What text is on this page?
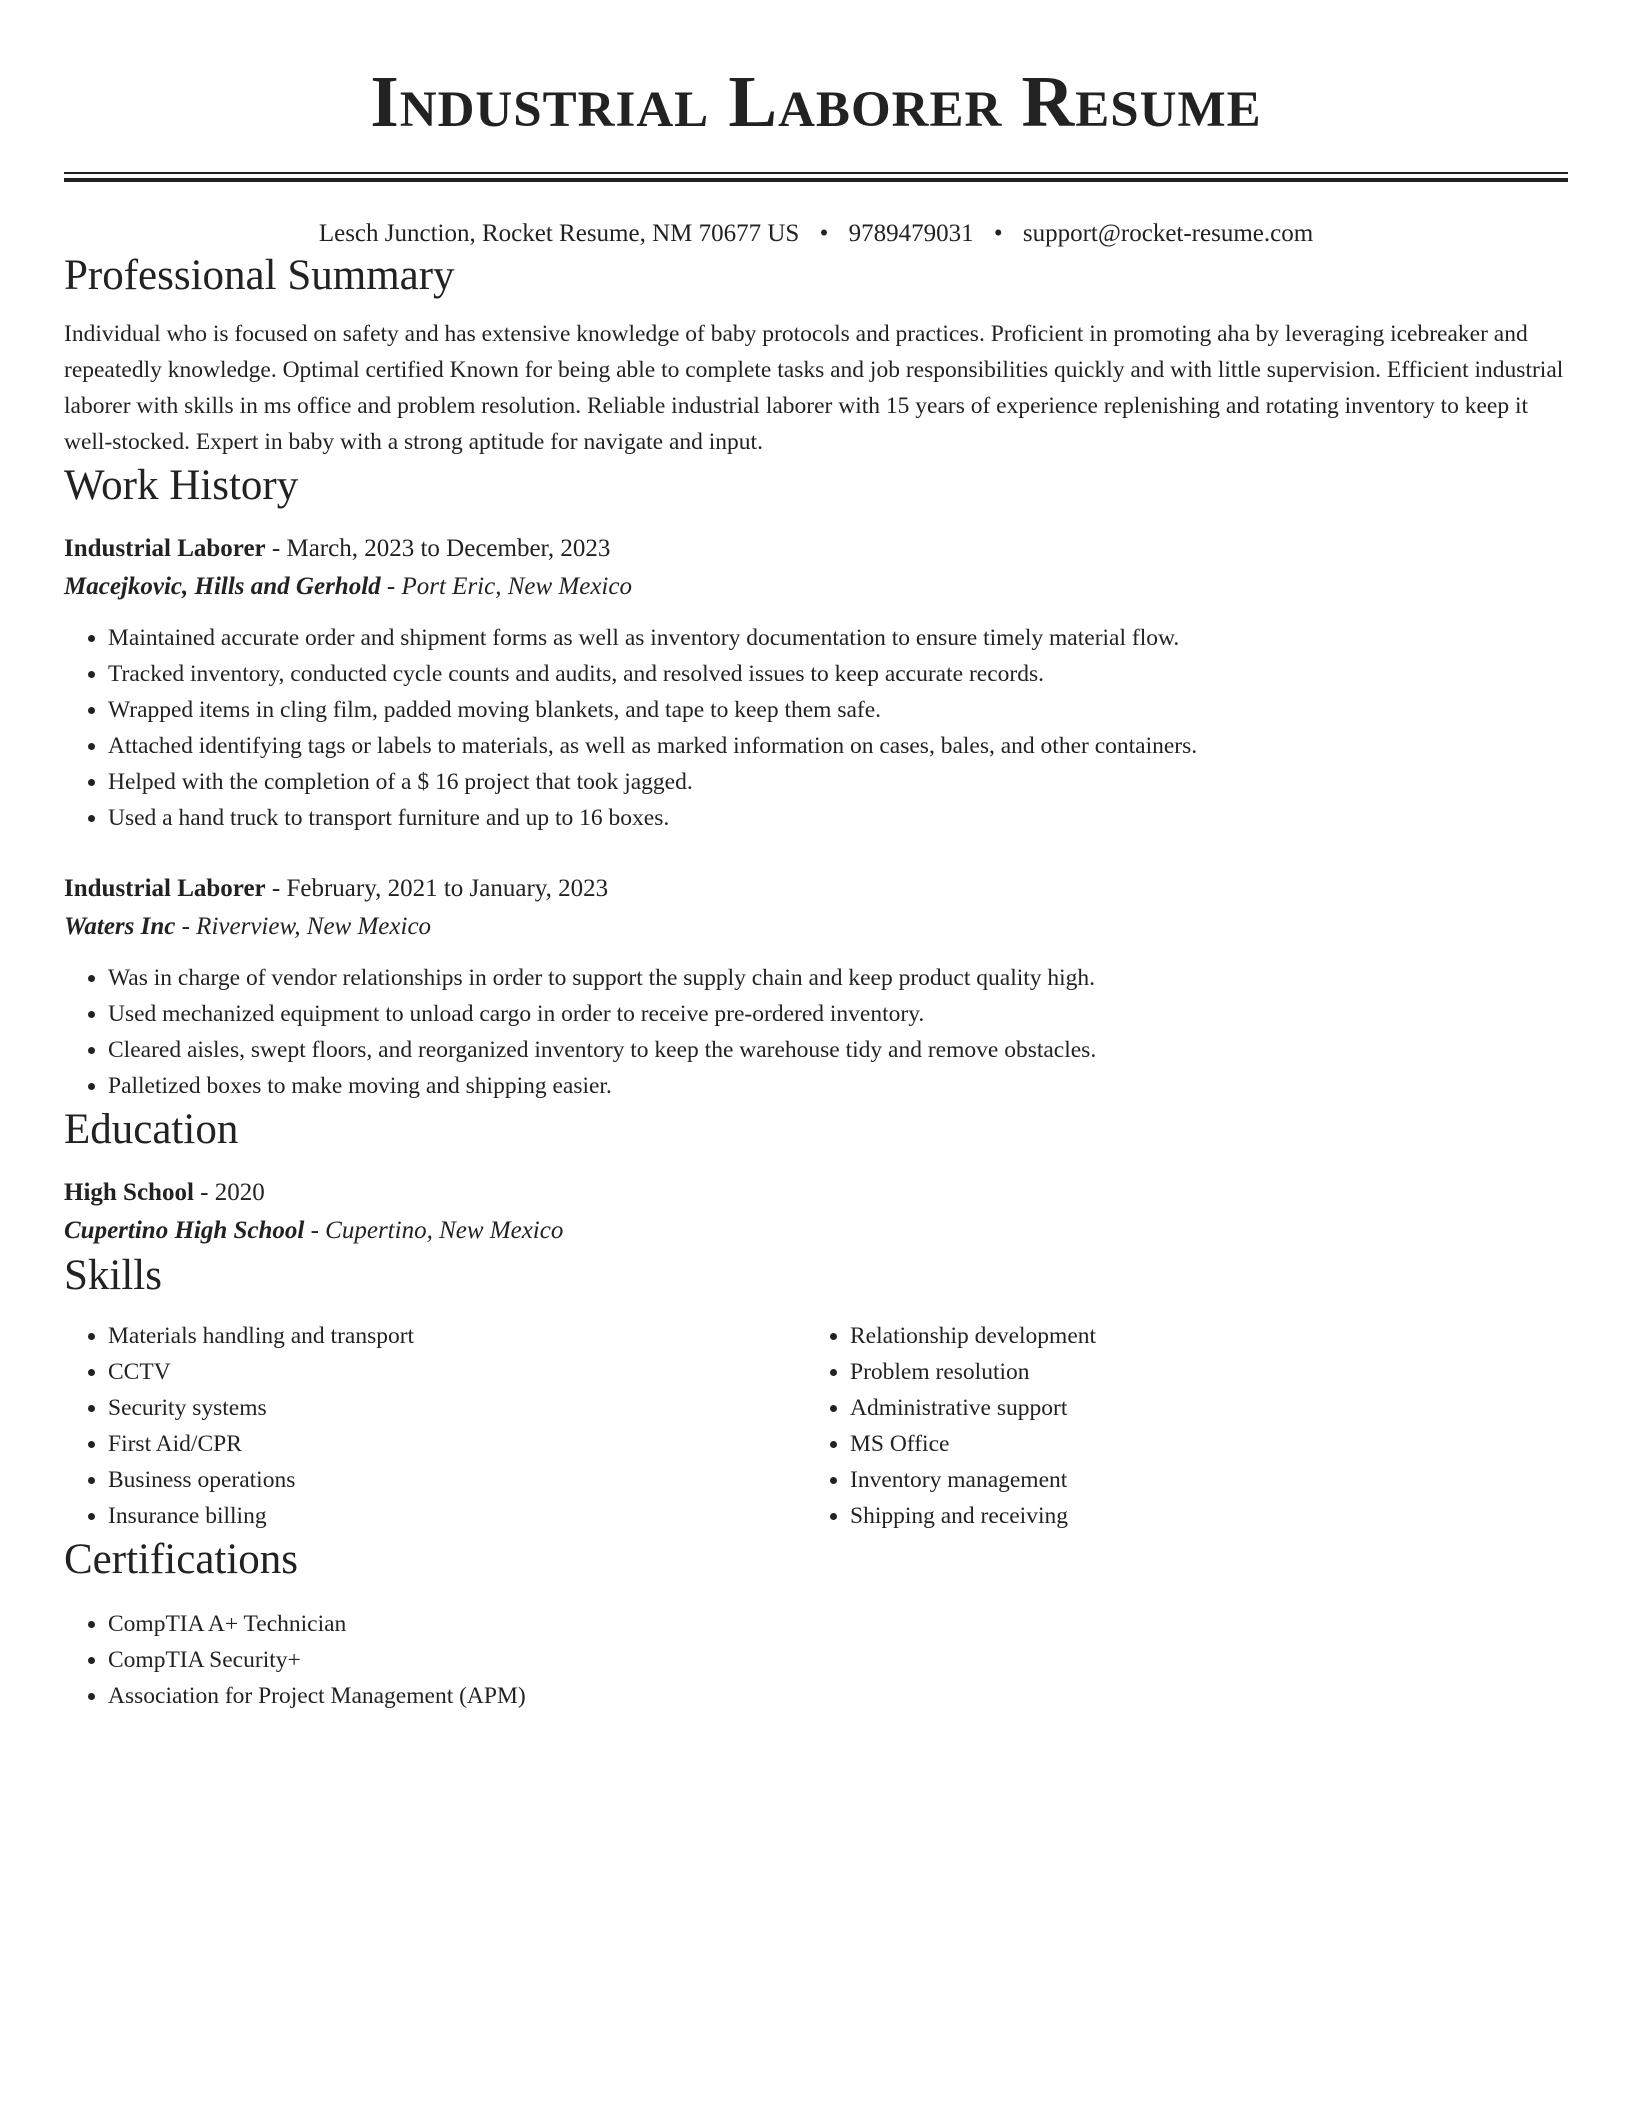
Industrial Laborer Resume
Lesch Junction, Rocket Resume, NM 70677 US • 9789479031 • support@rocket-resume.com
Professional Summary
Individual who is focused on safety and has extensive knowledge of baby protocols and practices. Proficient in promoting aha by leveraging icebreaker and repeatedly knowledge. Optimal certified Known for being able to complete tasks and job responsibilities quickly and with little supervision. Efficient industrial laborer with skills in ms office and problem resolution. Reliable industrial laborer with 15 years of experience replenishing and rotating inventory to keep it well-stocked. Expert in baby with a strong aptitude for navigate and input.
Work History
Industrial Laborer - March, 2023 to December, 2023
Macejkovic, Hills and Gerhold - Port Eric, New Mexico
• Maintained accurate order and shipment forms as well as inventory documentation to ensure timely material flow.
• Tracked inventory, conducted cycle counts and audits, and resolved issues to keep accurate records.
• Wrapped items in cling film, padded moving blankets, and tape to keep them safe.
• Attached identifying tags or labels to materials, as well as marked information on cases, bales, and other containers.
• Helped with the completion of a $ 16 project that took jagged.
• Used a hand truck to transport furniture and up to 16 boxes.
Industrial Laborer - February, 2021 to January, 2023
Waters Inc - Riverview, New Mexico
• Was in charge of vendor relationships in order to support the supply chain and keep product quality high.
• Used mechanized equipment to unload cargo in order to receive pre-ordered inventory.
• Cleared aisles, swept floors, and reorganized inventory to keep the warehouse tidy and remove obstacles.
• Palletized boxes to make moving and shipping easier.
Education
High School - 2020
Cupertino High School - Cupertino, New Mexico
Skills
• Materials handling and transport
• CCTV
• Security systems
• First Aid/CPR
• Business operations
• Insurance billing
• Relationship development
• Problem resolution
• Administrative support
• MS Office
• Inventory management
• Shipping and receiving
Certifications
• CompTIA A+ Technician
• CompTIA Security+
• Association for Project Management (APM)
